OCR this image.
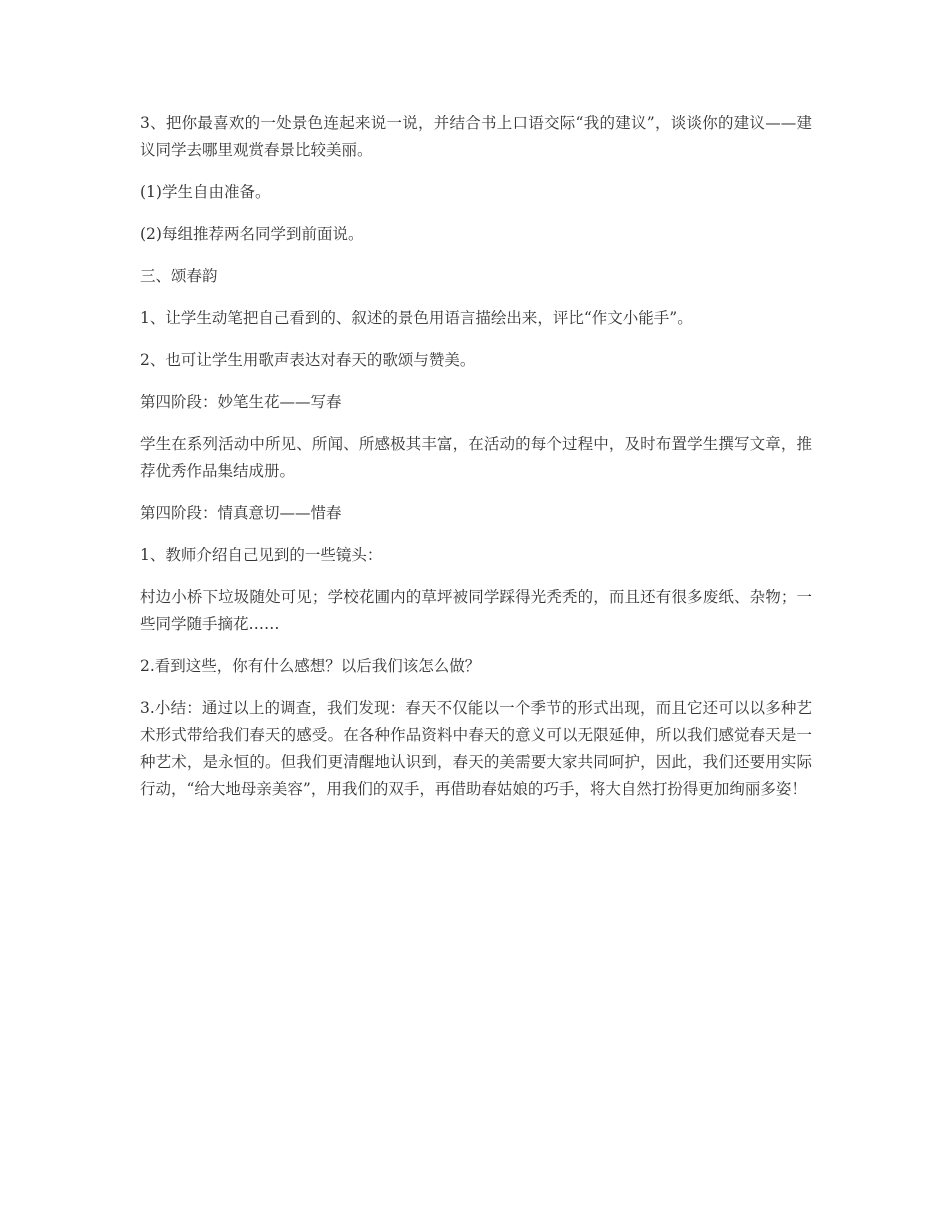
3、把你最喜欢的一处景色连起来说一说，并结合书上口语交际“我的建议”，谈谈你的建议——建议同学去哪里观赏春景比较美丽。

(1)学生自由准备。

(2)每组推荐两名同学到前面说。

三、颂春韵

1、让学生动笔把自己看到的、叙述的景色用语言描绘出来，评比“作文小能手”。

2、也可让学生用歌声表达对春天的歌颂与赞美。

第四阶段：妙笔生花——写春

学生在系列活动中所见、所闻、所感极其丰富，在活动的每个过程中，及时布置学生撰写文章，推荐优秀作品集结成册。

第四阶段：情真意切——惜春

1、教师介绍自己见到的一些镜头：

村边小桥下垃圾随处可见；学校花圃内的草坪被同学踩得光秃秃的，而且还有很多废纸、杂物；一些同学随手摘花……

2.看到这些，你有什么感想？以后我们该怎么做？

3.小结：通过以上的调查，我们发现：春天不仅能以一个季节的形式出现，而且它还可以以多种艺术形式带给我们春天的感受。在各种作品资料中春天的意义可以无限延伸，所以我们感觉春天是一种艺术，是永恒的。但我们更清醒地认识到，春天的美需要大家共同呵护，因此，我们还要用实际行动，“给大地母亲美容”，用我们的双手，再借助春姑娘的巧手，将大自然打扮得更加绚丽多姿！
